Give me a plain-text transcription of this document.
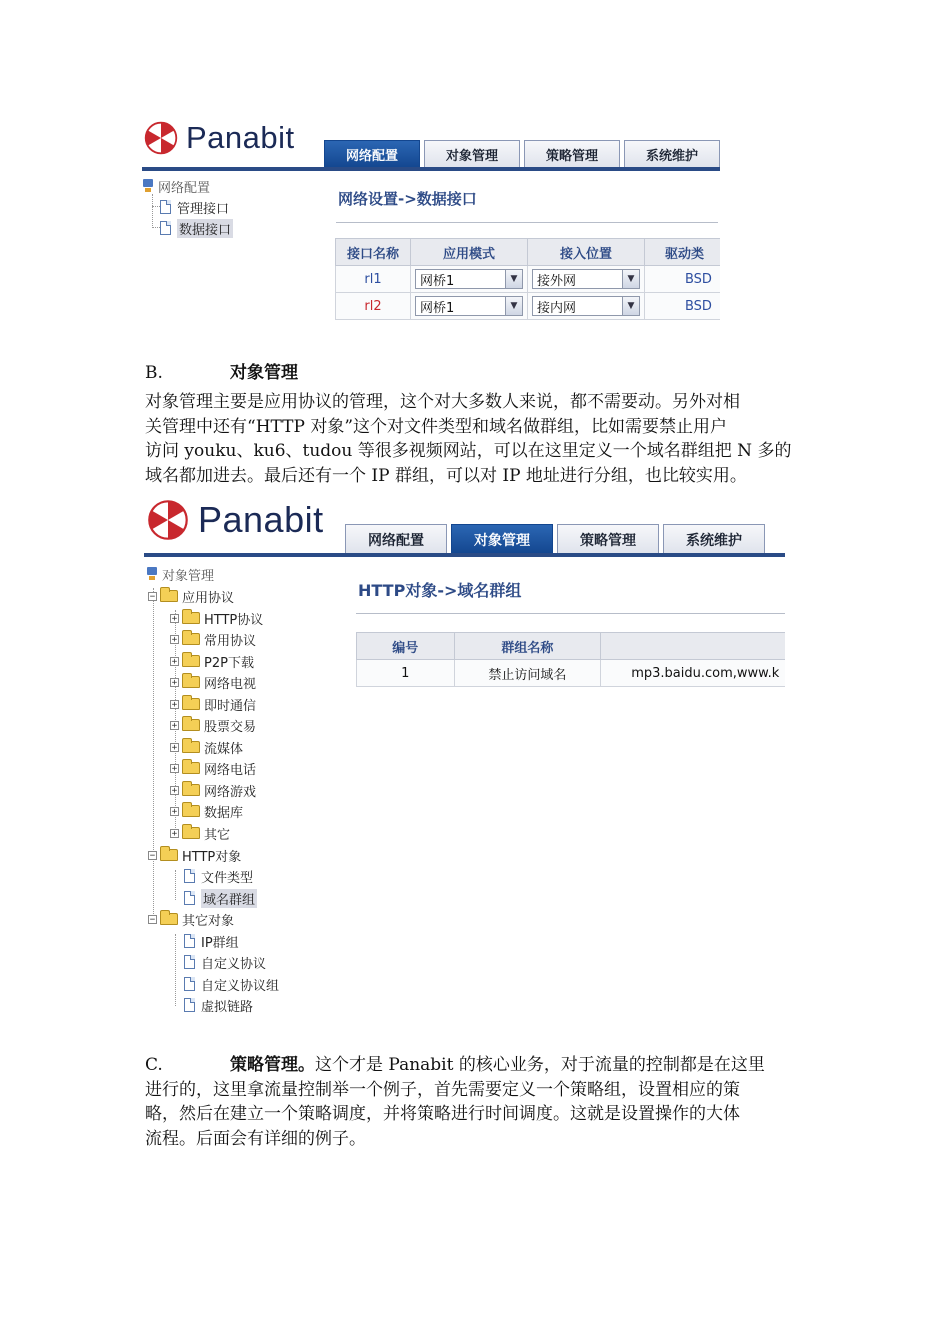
Panabit
网络配置	对象管理	策略管理	系统维护
网络配置
管理接口
数据接口
网络设置->数据接口
接口名称	应用模式	接入位置	驱动类
rl1	网桥1 ▼	接外网 ▼	BSD
rl2	网桥1 ▼	接内网 ▼	BSD
B.	对象管理
对象管理主要是应用协议的管理，这个对大多数人来说，都不需要动。另外对相
关管理中还有“HTTP 对象”这个对文件类型和域名做群组，比如需要禁止用户
访问 youku、ku6、tudou 等很多视频网站，可以在这里定义一个域名群组把 N 多的
域名都加进去。最后还有一个 IP 群组，可以对 IP 地址进行分组，也比较实用。
Panabit
网络配置	对象管理	策略管理	系统维护
对象管理
− 应用协议
+ HTTP协议
+ 常用协议
+ P2P下载
+ 网络电视
+ 即时通信
+ 股票交易
+ 流媒体
+ 网络电话
+ 网络游戏
+ 数据库
+ 其它
− HTTP对象
文件类型
域名群组
− 其它对象
IP群组
自定义协议
自定义协议组
虚拟链路
HTTP对象->域名群组
编号	群组名称	
1	禁止访问域名	mp3.baidu.com,www.k
C.	策略管理。这个才是 Panabit 的核心业务，对于流量的控制都是在这里
进行的，这里拿流量控制举一个例子，首先需要定义一个策略组，设置相应的策
略，然后在建立一个策略调度，并将策略进行时间调度。这就是设置操作的大体
流程。后面会有详细的例子。
